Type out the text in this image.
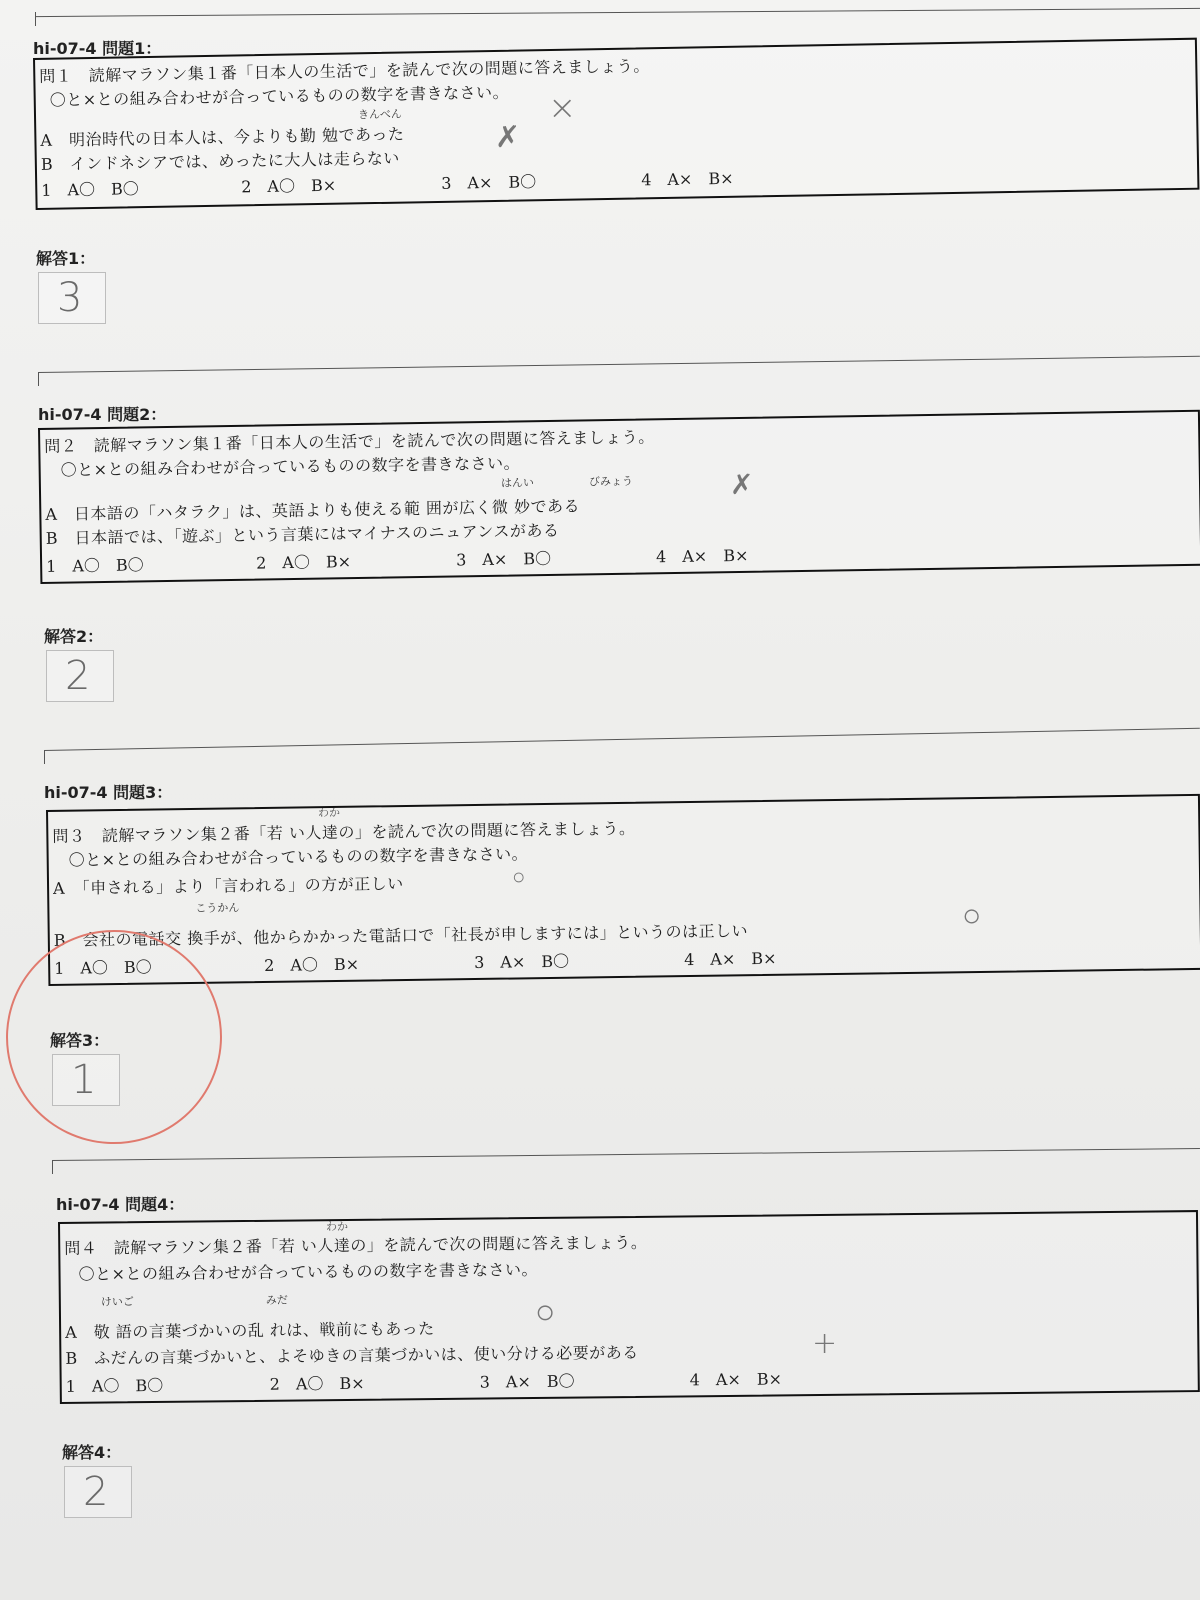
hi-07-4 問題1：
問１　読解マラソン集１番「日本人の生活で」を読んで次の問題に答えましょう。
〇と×との組み合わせが合っているものの数字を書きなさい。
きんべん
A　明治時代の日本人は、今よりも勤 勉であった
B　インドネシアでは、めったに大人は走らない
1　A〇　B〇	2　A〇　B×	3　A×　B〇	4　A×　B×
×
✗
解答1：
3
hi-07-4 問題2：
問２　読解マラソン集１番「日本人の生活で」を読んで次の問題に答えましょう。
〇と×との組み合わせが合っているものの数字を書きなさい。
はんい　　　　　びみょう
A　日本語の「ハタラク」は、英語よりも使える範 囲が広く微 妙である
B　日本語では、「遊ぶ」という言葉にはマイナスのニュアンスがある
1　A〇　B〇	2　A〇　B×	3　A×　B〇	4　A×　B×
✗
解答2：
2
hi-07-4 問題3：
わか
問３　読解マラソン集２番「若 い人達の」を読んで次の問題に答えましょう。
〇と×との組み合わせが合っているものの数字を書きなさい。
A　「申される」より「言われる」の方が正しい
こうかん
B　会社の電話交 換手が、他からかかった電話口で「社長が申しますには」というのは正しい
1　A〇　B〇	2　A〇　B×	3　A×　B〇	4　A×　B×
○
○
解答3：
1
hi-07-4 問題4：
わか
問４　読解マラソン集２番「若 い人達の」を読んで次の問題に答えましょう。
〇と×との組み合わせが合っているものの数字を書きなさい。
けいご　　　　　　　　　　　　みだ
A　敬 語の言葉づかいの乱 れは、戦前にもあった
B　ふだんの言葉づかいと、よそゆきの言葉づかいは、使い分ける必要がある
1　A〇　B〇	2　A〇　B×	3　A×　B〇	4　A×　B×
○
+
解答4：
2
